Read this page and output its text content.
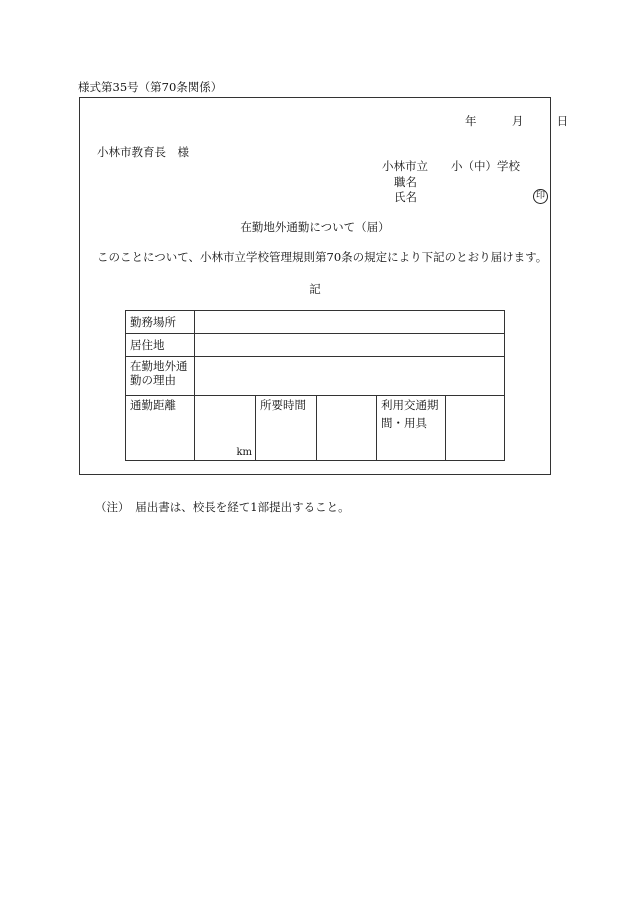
様式第35号（第70条関係）
年	月	日
小林市教育長　様
小林市立　　小（中）学校
職名
氏名	印
在勤地外通勤について（届）
このことについて、小林市立学校管理規則第70条の規定により下記のとおり届けます。
記
勤務場所					
居住地					

在勤地外通
勤の理由					

通勤距離	km	所要時間		利用交通期
間・用具	

（注）　届出書は、校長を経て1部提出すること。
